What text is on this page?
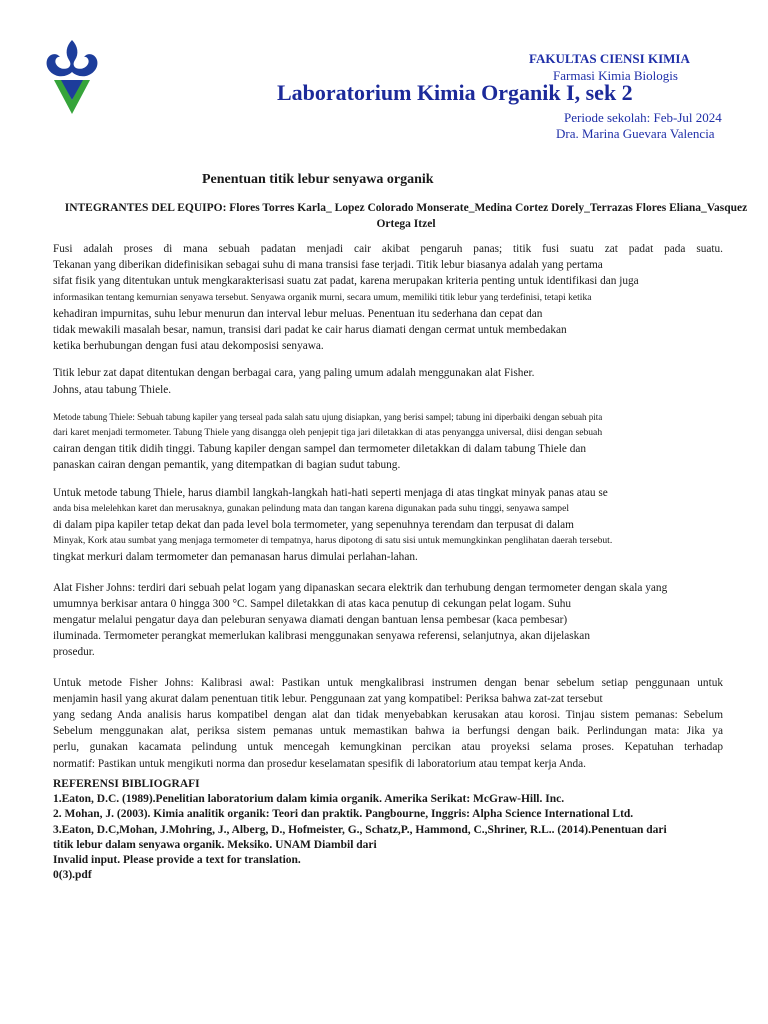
FAKULTAS CIENSI KIMIA
Farmasi Kimia Biologis
Laboratorium Kimia Organik I, sek 2
Periode sekolah: Feb-Jul 2024
Dra. Marina Guevara Valencia
Penentuan titik lebur senyawa organik
INTEGRANTES DEL EQUIPO: Flores Torres Karla_ Lopez Colorado Monserate_Medina Cortez Dorely_Terrazas Flores Eliana_Vasquez
Ortega Itzel
Fusi adalah proses di mana sebuah padatan menjadi cair akibat pengaruh panas; titik fusi suatu zat padat pada suatu.
Tekanan yang diberikan didefinisikan sebagai suhu di mana transisi fase terjadi. Titik lebur biasanya adalah yang pertama
sifat fisik yang ditentukan untuk mengkarakterisasi suatu zat padat, karena merupakan kriteria penting untuk identifikasi dan juga
informasikan tentang kemurnian senyawa tersebut. Senyawa organik murni, secara umum, memiliki titik lebur yang terdefinisi, tetapi ketika
kehadiran impurnitas, suhu lebur menurun dan interval lebur meluas. Penentuan itu sederhana dan cepat dan
tidak mewakili masalah besar, namun, transisi dari padat ke cair harus diamati dengan cermat untuk membedakan
ketika berhubungan dengan fusi atau dekomposisi senyawa.
Titik lebur zat dapat ditentukan dengan berbagai cara, yang paling umum adalah menggunakan alat Fisher.
Johns, atau tabung Thiele.
Metode tabung Thiele: Sebuah tabung kapiler yang terseal pada salah satu ujung disiapkan, yang berisi sampel; tabung ini diperbaiki dengan sebuah pita
dari karet menjadi termometer. Tabung Thiele yang disangga oleh penjepit tiga jari diletakkan di atas penyangga universal, diisi dengan sebuah
cairan dengan titik didih tinggi. Tabung kapiler dengan sampel dan termometer diletakkan di dalam tabung Thiele dan
panaskan cairan dengan pemantik, yang ditempatkan di bagian sudut tabung.
Untuk metode tabung Thiele, harus diambil langkah-langkah hati-hati seperti menjaga di atas tingkat minyak panas atau se
anda bisa melelehkan karet dan merusaknya, gunakan pelindung mata dan tangan karena digunakan pada suhu tinggi, senyawa sampel
di dalam pipa kapiler tetap dekat dan pada level bola termometer, yang sepenuhnya terendam dan terpusat di dalam
Minyak, Kork atau sumbat yang menjaga termometer di tempatnya, harus dipotong di satu sisi untuk memungkinkan penglihatan daerah tersebut.
tingkat merkuri dalam termometer dan pemanasan harus dimulai perlahan-lahan.
Alat Fisher Johns: terdiri dari sebuah pelat logam yang dipanaskan secara elektrik dan terhubung dengan termometer dengan skala yang
umumnya berkisar antara 0 hingga 300 °C. Sampel diletakkan di atas kaca penutup di cekungan pelat logam. Suhu
mengatur melalui pengatur daya dan peleburan senyawa diamati dengan bantuan lensa pembesar (kaca pembesar)
iluminada. Termometer perangkat memerlukan kalibrasi menggunakan senyawa referensi, selanjutnya, akan dijelaskan
prosedur.
Untuk metode Fisher Johns: Kalibrasi awal: Pastikan untuk mengkalibrasi instrumen dengan benar sebelum setiap penggunaan untuk
menjamin hasil yang akurat dalam penentuan titik lebur. Penggunaan zat yang kompatibel: Periksa bahwa zat-zat tersebut
yang sedang Anda analisis harus kompatibel dengan alat dan tidak menyebabkan kerusakan atau korosi. Tinjau sistem pemanas: Sebelum
Sebelum menggunakan alat, periksa sistem pemanas untuk memastikan bahwa ia berfungsi dengan baik. Perlindungan mata: Jika ya
perlu, gunakan kacamata pelindung untuk mencegah kemungkinan percikan atau proyeksi selama proses. Kepatuhan terhadap
normatif: Pastikan untuk mengikuti norma dan prosedur keselamatan spesifik di laboratorium atau tempat kerja Anda.
REFERENSI BIBLIOGRAFI
1.Eaton, D.C. (1989).Penelitian laboratorium dalam kimia organik. Amerika Serikat: McGraw-Hill. Inc.
2. Mohan, J. (2003). Kimia analitik organik: Teori dan praktik. Pangbourne, Inggris: Alpha Science International Ltd.
3.Eaton, D.C,Mohan, J.Mohring, J., Alberg, D., Hofmeister, G., Schatz,P., Hammond, C.,Shriner, R.L.. (2014).Penentuan dari
titik lebur dalam senyawa organik. Meksiko. UNAM Diambil dari
Invalid input. Please provide a text for translation.
0(3).pdf
